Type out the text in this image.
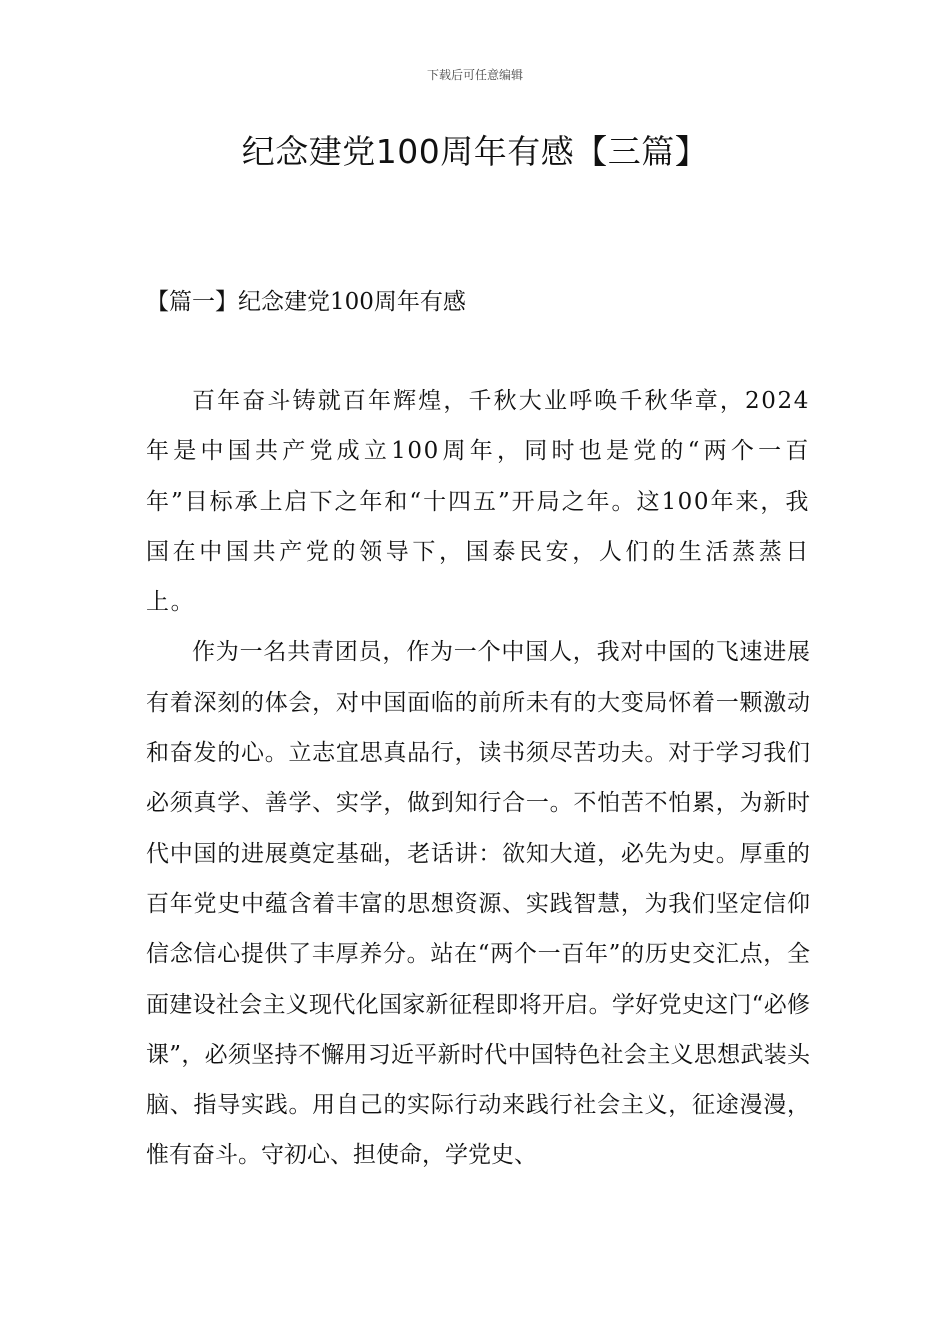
下载后可任意编辑
纪念建党100周年有感【三篇】
【篇一】纪念建党100周年有感

百年奋斗铸就百年辉煌，千秋大业呼唤千秋华章，2024年是中国共产党成立100周年，同时也是党的“两个一百年”目标承上启下之年和“十四五”开局之年。这100年来，我国在中国共产党的领导下，国泰民安，人们的生活蒸蒸日上。

作为一名共青团员，作为一个中国人，我对中国的飞速进展有着深刻的体会，对中国面临的前所未有的大变局怀着一颗激动和奋发的心。立志宜思真品行，读书须尽苦功夫。对于学习我们必须真学、善学、实学，做到知行合一。不怕苦不怕累，为新时代中国的进展奠定基础，老话讲：欲知大道，必先为史。厚重的百年党史中蕴含着丰富的思想资源、实践智慧，为我们坚定信仰信念信心提供了丰厚养分。站在“两个一百年”的历史交汇点，全面建设社会主义现代化国家新征程即将开启。学好党史这门“必修课”，必须坚持不懈用习近平新时代中国特色社会主义思想武装头脑、指导实践。用自己的实际行动来践行社会主义，征途漫漫，惟有奋斗。守初心、担使命，学党史、
